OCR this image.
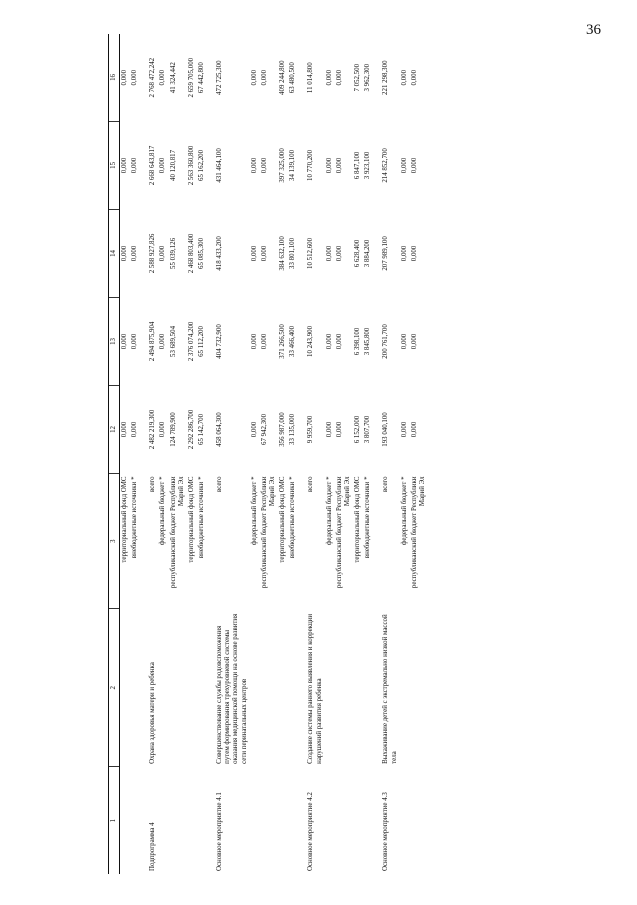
36
1	2	3	12	13	14	15	16
		территориальный фонд ОМС	0,000	0,000	0,000	0,000	0,000
		внебюджетные источники *	0,000	0,000	0,000	0,000	0,000
Подпрограмма 4	Охрана здоровья матери и ребенка	всего	2 482 219,300	2 494 875,904	2 588 927,826	2 668 643,817	2 768 472,242
		федеральный бюджет *	0,000	0,000	0,000	0,000	0,000
		республиканский бюджет Республики Марий Эл	124 789,900	53 689,504	55 039,126	40 120,817	41 324,442
		территориальный фонд ОМС	2 292 286,700	2 376 074,200	2 468 803,400	2 563 360,800	2 659 705,000
		внебюджетные источники *	65 142,700	65 112,200	65 085,300	65 162,200	67 442,800
Основное мероприятие 4.1	Совершенствование службы родовспоможения путем формирования трехуровневой системы оказания медицинской помощи на основе развития сети перинатальных центров	всего	458 064,300	404 732,900	418 433,200	431 464,100	472 725,300
		федеральный бюджет *	0,000	0,000	0,000	0,000	0,000
		республиканский бюджет Республики Марий Эл	67 942,300	0,000	0,000	0,000	0,000
		территориальный фонд ОМС	356 987,000	371 266,500	384 632,100	397 325,000	409 244,800
		внебюджетные источники *	33 135,000	33 466,400	33 801,100	34 139,100	63 480,500
Основное мероприятие 4.2	Создание системы раннего выявления и коррекции нарушений развития ребенка	всего	9 959,700	10 243,900	10 512,600	10 770,200	11 014,800
		федеральный бюджет *	0,000	0,000	0,000	0,000	0,000
		республиканский бюджет Республики Марий Эл	0,000	0,000	0,000	0,000	0,000
		территориальный фонд ОМС	6 152,000	6 398,100	6 628,400	6 847,100	7 052,500
		внебюджетные источники *	3 807,700	3 845,800	3 884,200	3 923,100	3 962,300
Основное мероприятие 4.3	Выхаживание детей с экстремально низкой массой тела	всего	193 040,100	200 761,700	207 989,100	214 852,700	221 298,300
		федеральный бюджет *	0,000	0,000	0,000	0,000	0,000
		республиканский бюджет Республики Марий Эл	0,000	0,000	0,000	0,000	0,000
